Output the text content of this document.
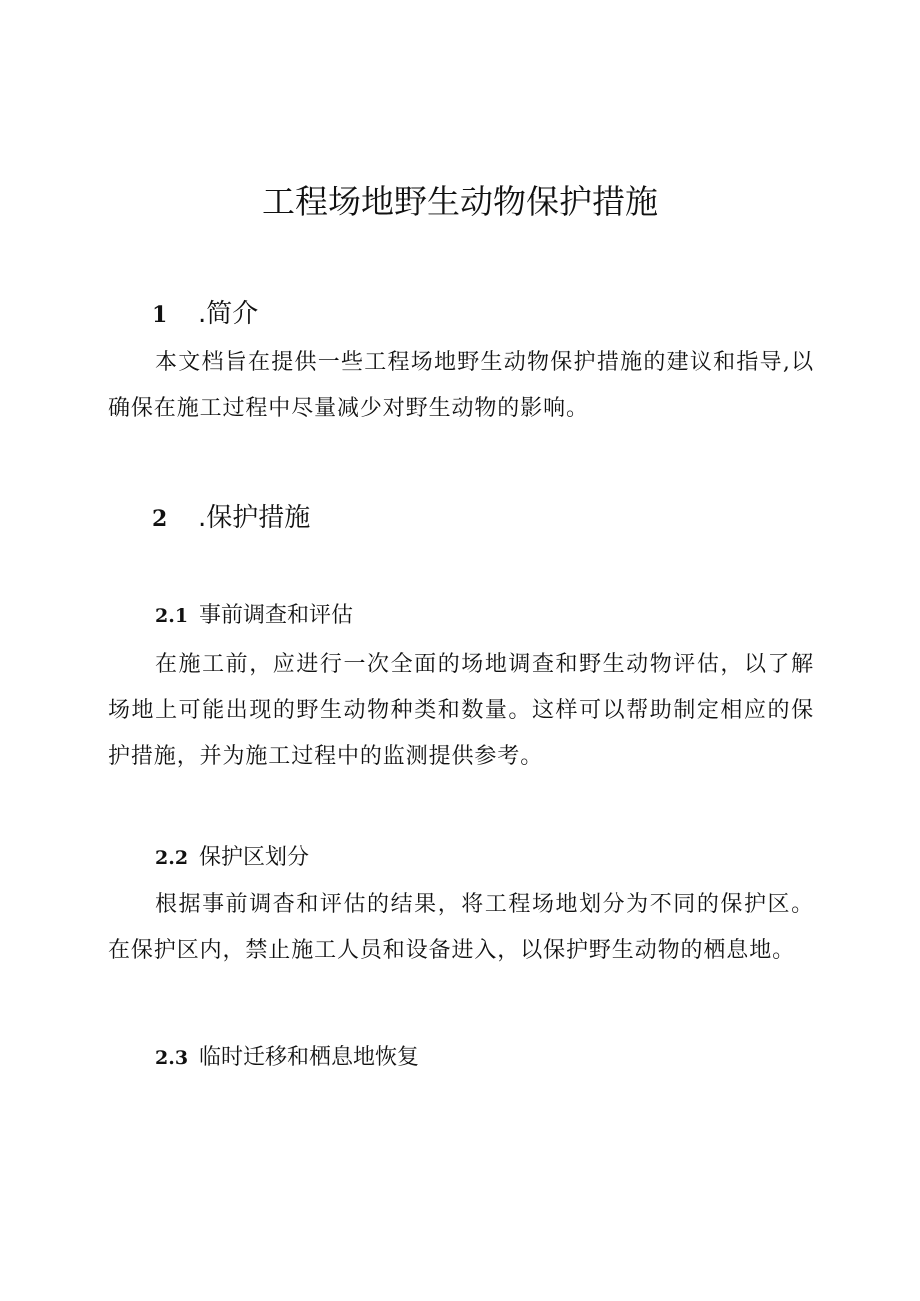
工程场地野生动物保护措施
1 .简介

本文档旨在提供一些工程场地野生动物保护措施的建议和指导,以确保在施工过程中尽量减少对野生动物的影响。

2 .保护措施
2.1 事前调查和评估

在施工前，应进行一次全面的场地调查和野生动物评估，以了解场地上可能出现的野生动物种类和数量。这样可以帮助制定相应的保护措施，并为施工过程中的监测提供参考。

2.2 保护区划分

根据事前调杳和评估的结果，将工程场地划分为不同的保护区。在保护区内，禁止施工人员和设备进入，以保护野生动物的栖息地。

2.3 临时迁移和栖息地恢复
